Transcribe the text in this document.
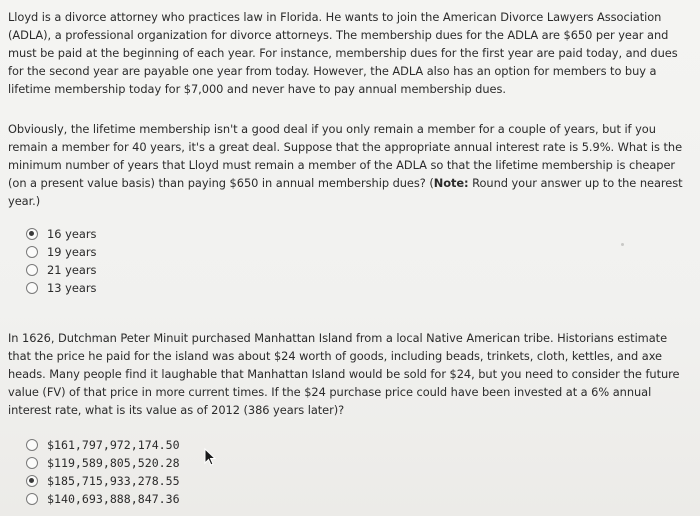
Lloyd is a divorce attorney who practices law in Florida. He wants to join the American Divorce Lawyers Association (ADLA), a professional organization for divorce attorneys. The membership dues for the ADLA are $650 per year and must be paid at the beginning of each year. For instance, membership dues for the first year are paid today, and dues for the second year are payable one year from today. However, the ADLA also has an option for members to buy a lifetime membership today for $7,000 and never have to pay annual membership dues.
Obviously, the lifetime membership isn't a good deal if you only remain a member for a couple of years, but if you remain a member for 40 years, it's a great deal. Suppose that the appropriate annual interest rate is 5.9%. What is the minimum number of years that Lloyd must remain a member of the ADLA so that the lifetime membership is cheaper (on a present value basis) than paying $650 in annual membership dues? (Note: Round your answer up to the nearest year.)
16 years
19 years
21 years
13 years
In 1626, Dutchman Peter Minuit purchased Manhattan Island from a local Native American tribe. Historians estimate that the price he paid for the island was about $24 worth of goods, including beads, trinkets, cloth, kettles, and axe heads. Many people find it laughable that Manhattan Island would be sold for $24, but you need to consider the future value (FV) of that price in more current times. If the $24 purchase price could have been invested at a 6% annual interest rate, what is its value as of 2012 (386 years later)?
$161,797,972,174.50
$119,589,805,520.28
$185,715,933,278.55
$140,693,888,847.36
